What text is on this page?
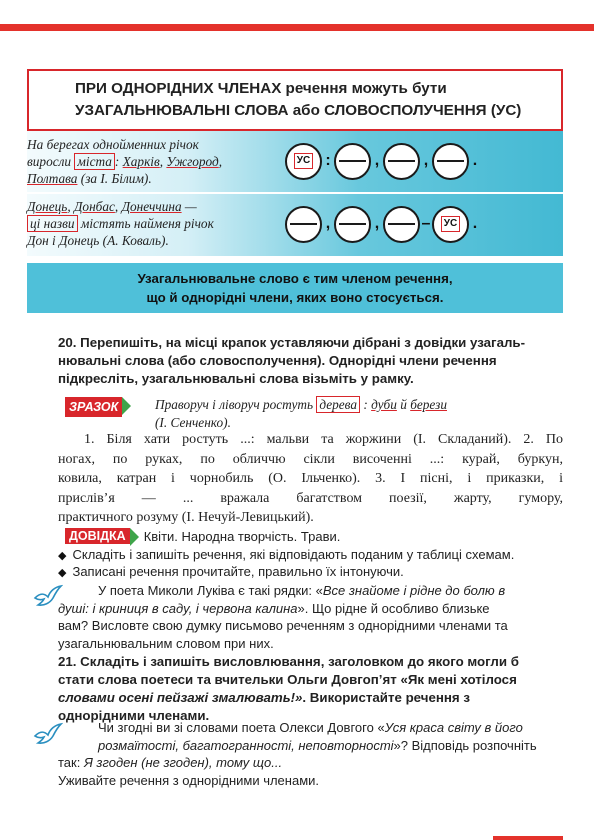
ПРИ ОДНОРІДНИХ ЧЛЕНАХ речення можуть бути
УЗАГАЛЬНЮВАЛЬНІ СЛОВА або СЛОВОСПОЛУЧЕННЯ (УС)
На берегах однойменних річок
виросли міста : Харків, Ужгород,
Полтава (за І. Білим).
УС :	,	,	.
Донець, Донбас, Донеччина —
ці назви містять найменя річок
Дон і Донець (А. Коваль).
,	,	–	УС .
Узагальнювальне слово є тим членом речення,
що й однорідні члени, яких воно стосується.
20. Перепишіть, на місці крапок уставляючи дібрані з довідки узагаль-
нювальні слова (або словосполучення). Однорідні члени речення
підкресліть, узагальнювальні слова візьміть у рамку.
ЗРАЗОК	Праворуч і ліворуч ростуть дерева : дуби й берези
(І. Сенченко).
1. Біля хати ростуть ...: мальви та жоржини (І. Складаний). 2. По
ногах, по руках, по обличчю сікли височенні ...: курай, буркун,
ковила, катран і чорнобиль (О. Ільченко). 3. І пісні, і приказки, і
прислів’я — ... вражала багатством поезії, жарту, гумору,
практичного розуму (І. Нечуй-Левицький).
ДОВІДКА	Квіти. Народна творчість. Трави.
◆ Складіть і запишіть речення, які відповідають поданим у таблиці схемам.
◆ Записані речення прочитайте, правильно їх інтонуючи.
У поета Миколи Луківа є такі рядки: «Все знайоме і рідне до болю в
душі: і криниця в саду, і червона калина». Що рідне й особливо близьке
вам? Висловте свою думку письмово реченням з однорідними членами та
узагальнювальним словом при них.
21. Складіть і запишіть висловлювання, заголовком до якого могли б
стати слова поетеси та вчительки Ольги Довгоп’ят «Як мені хотілося
словами осені пейзажі змалювать!». Використайте речення з
однорідними членами.
Чи згодні ви зі словами поета Олекси Довгого «Уся краса світу в його
розмаїтості, багатогранності, неповторності»? Відповідь розпочніть
так: Я згоден (не згоден), тому що...
Уживайте речення з однорідними членами.
